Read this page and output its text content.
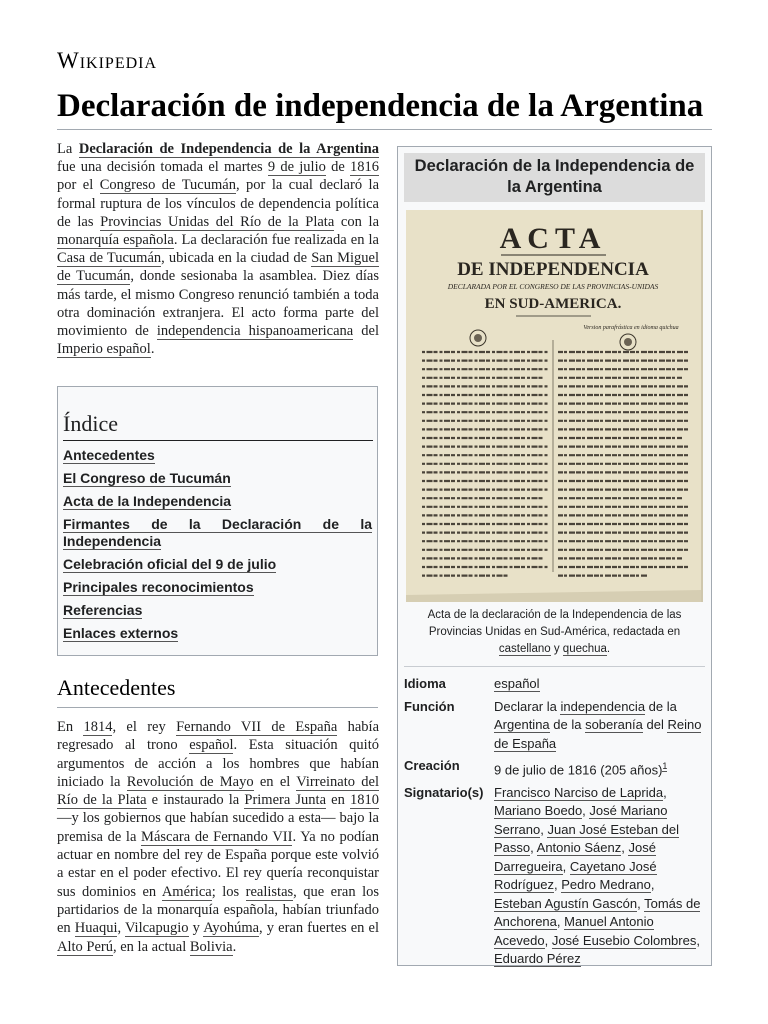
Wikipedia
Declaración de independencia de la Argentina

La Declaración de Independencia de la Argentina fue una decisión tomada el martes 9 de julio de 1816 por el Congreso de Tucumán, por la cual declaró la formal ruptura de los vínculos de dependencia política de las Provincias Unidas del Río de la Plata con la monarquía española. La declaración fue realizada en la Casa de Tucumán, ubicada en la ciudad de San Miguel de Tucumán, donde sesionaba la asamblea. Diez días más tarde, el mismo Congreso renunció también a toda otra dominación extranjera. El acto forma parte del movimiento de independencia hispanoamericana del Imperio español.

Índice
Antecedentes
El Congreso de Tucumán
Acta de la Independencia
Firmantes de la Declaración de la Independencia
Celebración oficial del 9 de julio
Principales reconocimientos
Referencias
Enlaces externos
Antecedentes

En 1814, el rey Fernando VII de España había regresado al trono español. Esta situación quitó argumentos de acción a los hombres que habían iniciado la Revolución de Mayo en el Virreinato del Río de la Plata e instaurado la Primera Junta en 1810 —y los gobiernos que habían sucedido a esta— bajo la premisa de la Máscara de Fernando VII. Ya no podían actuar en nombre del rey de España porque este volvió a estar en el poder efectivo. El rey quería reconquistar sus dominios en América; los realistas, que eran los partidarios de la monarquía española, habían triunfado en Huaqui, Vilcapugio y Ayohúma, y eran fuertes en el Alto Perú, en la actual Bolivia.

Declaración de la Independencia de la Argentina
ACTA
DE INDEPENDENCIA
DECLARADA POR EL CONGRESO DE LAS PROVINCIAS-UNIDAS
EN SUD-AMERICA.
Version parafrástica en idioma quichua
Acta de la declaración de la Independencia de las Provincias Unidas en Sud-América, redactada en castellano y quechua.
Idioma	español
Función	Declarar la independencia de la Argentina de la soberanía del Reino de España
Creación	9 de julio de 1816 (205 años)$^1$
Signatario(s)	Francisco Narciso de Laprida, Mariano Boedo, José Mariano Serrano, Juan José Esteban del Passo, Antonio Sáenz, José Darregueira, Cayetano José Rodríguez, Pedro Medrano, Esteban Agustín Gascón, Tomás de Anchorena, Manuel Antonio Acevedo, José Eusebio Colombres, Eduardo Pérez
